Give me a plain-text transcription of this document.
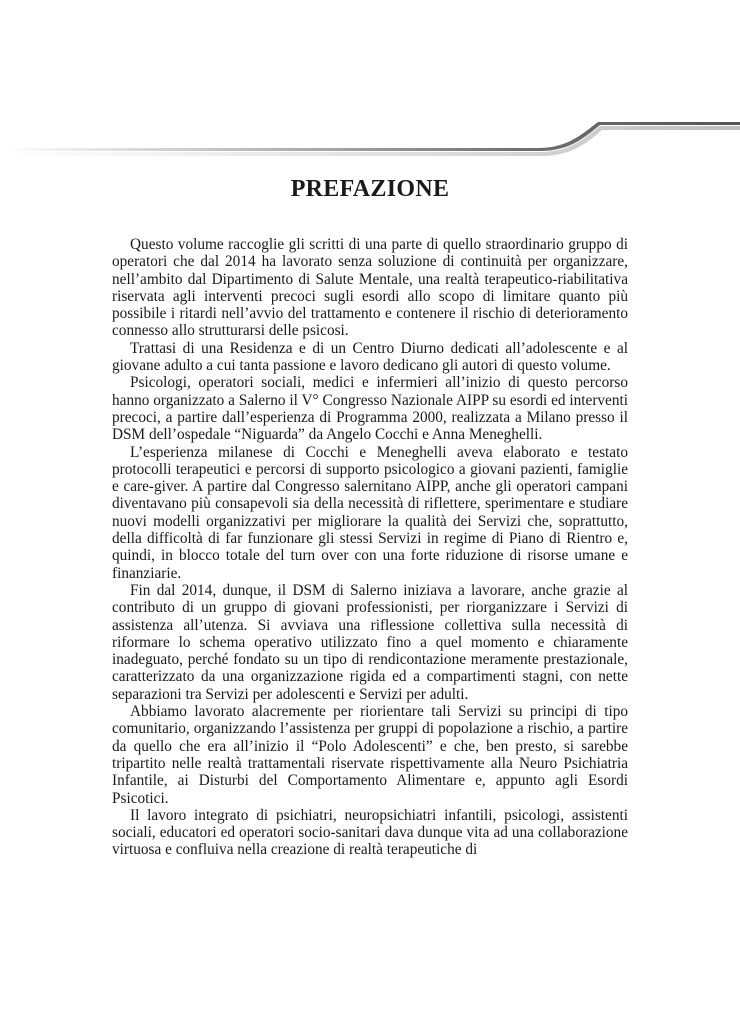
PREFAZIONE

Questo volume raccoglie gli scritti di una parte di quello straordinario gruppo di operatori che dal 2014 ha lavorato senza soluzione di continuità per organizzare, nell’ambito dal Dipartimento di Salute Mentale, una realtà terapeutico-riabilitativa riservata agli interventi precoci sugli esordi allo scopo di limitare quanto più possibile i ritardi nell’avvio del trattamento e contenere il rischio di deterioramento connesso allo strutturarsi delle psicosi.

Trattasi di una Residenza e di un Centro Diurno dedicati all’adolescente e al giovane adulto a cui tanta passione e lavoro dedicano gli autori di questo volume.

Psicologi, operatori sociali, medici e infermieri all’inizio di questo percorso hanno organizzato a Salerno il V° Congresso Nazionale AIPP su esordi ed interventi precoci, a partire dall’esperienza di Programma 2000, realizzata a Milano presso il DSM dell’ospedale “Niguarda” da Angelo Cocchi e Anna Meneghelli.

L’esperienza milanese di Cocchi e Meneghelli aveva elaborato e testato protocolli terapeutici e percorsi di supporto psicologico a giovani pazienti, famiglie e care-giver. A partire dal Congresso salernitano AIPP, anche gli operatori campani diventavano più consapevoli sia della necessità di riflettere, sperimentare e studiare nuovi modelli organizzativi per migliorare la qualità dei Servizi che, soprattutto, della difficoltà di far funzionare gli stessi Servizi in regime di Piano di Rientro e, quindi, in blocco totale del turn over con una forte riduzione di risorse umane e finanziarie.

Fin dal 2014, dunque, il DSM di Salerno iniziava a lavorare, anche grazie al contributo di un gruppo di giovani professionisti, per riorganizzare i Servizi di assistenza all’utenza. Si avviava una riflessione collettiva sulla necessità di riformare lo schema operativo utilizzato fino a quel momento e chiaramente inadeguato, perché fondato su un tipo di rendicontazione meramente prestazionale, caratterizzato da una organizzazione rigida ed a compartimenti stagni, con nette separazioni tra Servizi per adolescenti e Servizi per adulti.

Abbiamo lavorato alacremente per riorientare tali Servizi su principi di tipo comunitario, organizzando l’assistenza per gruppi di popolazione a rischio, a partire da quello che era all’inizio il “Polo Adolescenti” e che, ben presto, si sarebbe tripartito nelle realtà trattamentali riservate rispettivamente alla Neuro Psichiatria Infantile, ai Disturbi del Comportamento Alimentare e, appunto agli Esordi Psicotici.

Il lavoro integrato di psichiatri, neuropsichiatri infantili, psicologi, assistenti sociali, educatori ed operatori socio-sanitari dava dunque vita ad una collaborazione virtuosa e confluiva nella creazione di realtà terapeutiche di
